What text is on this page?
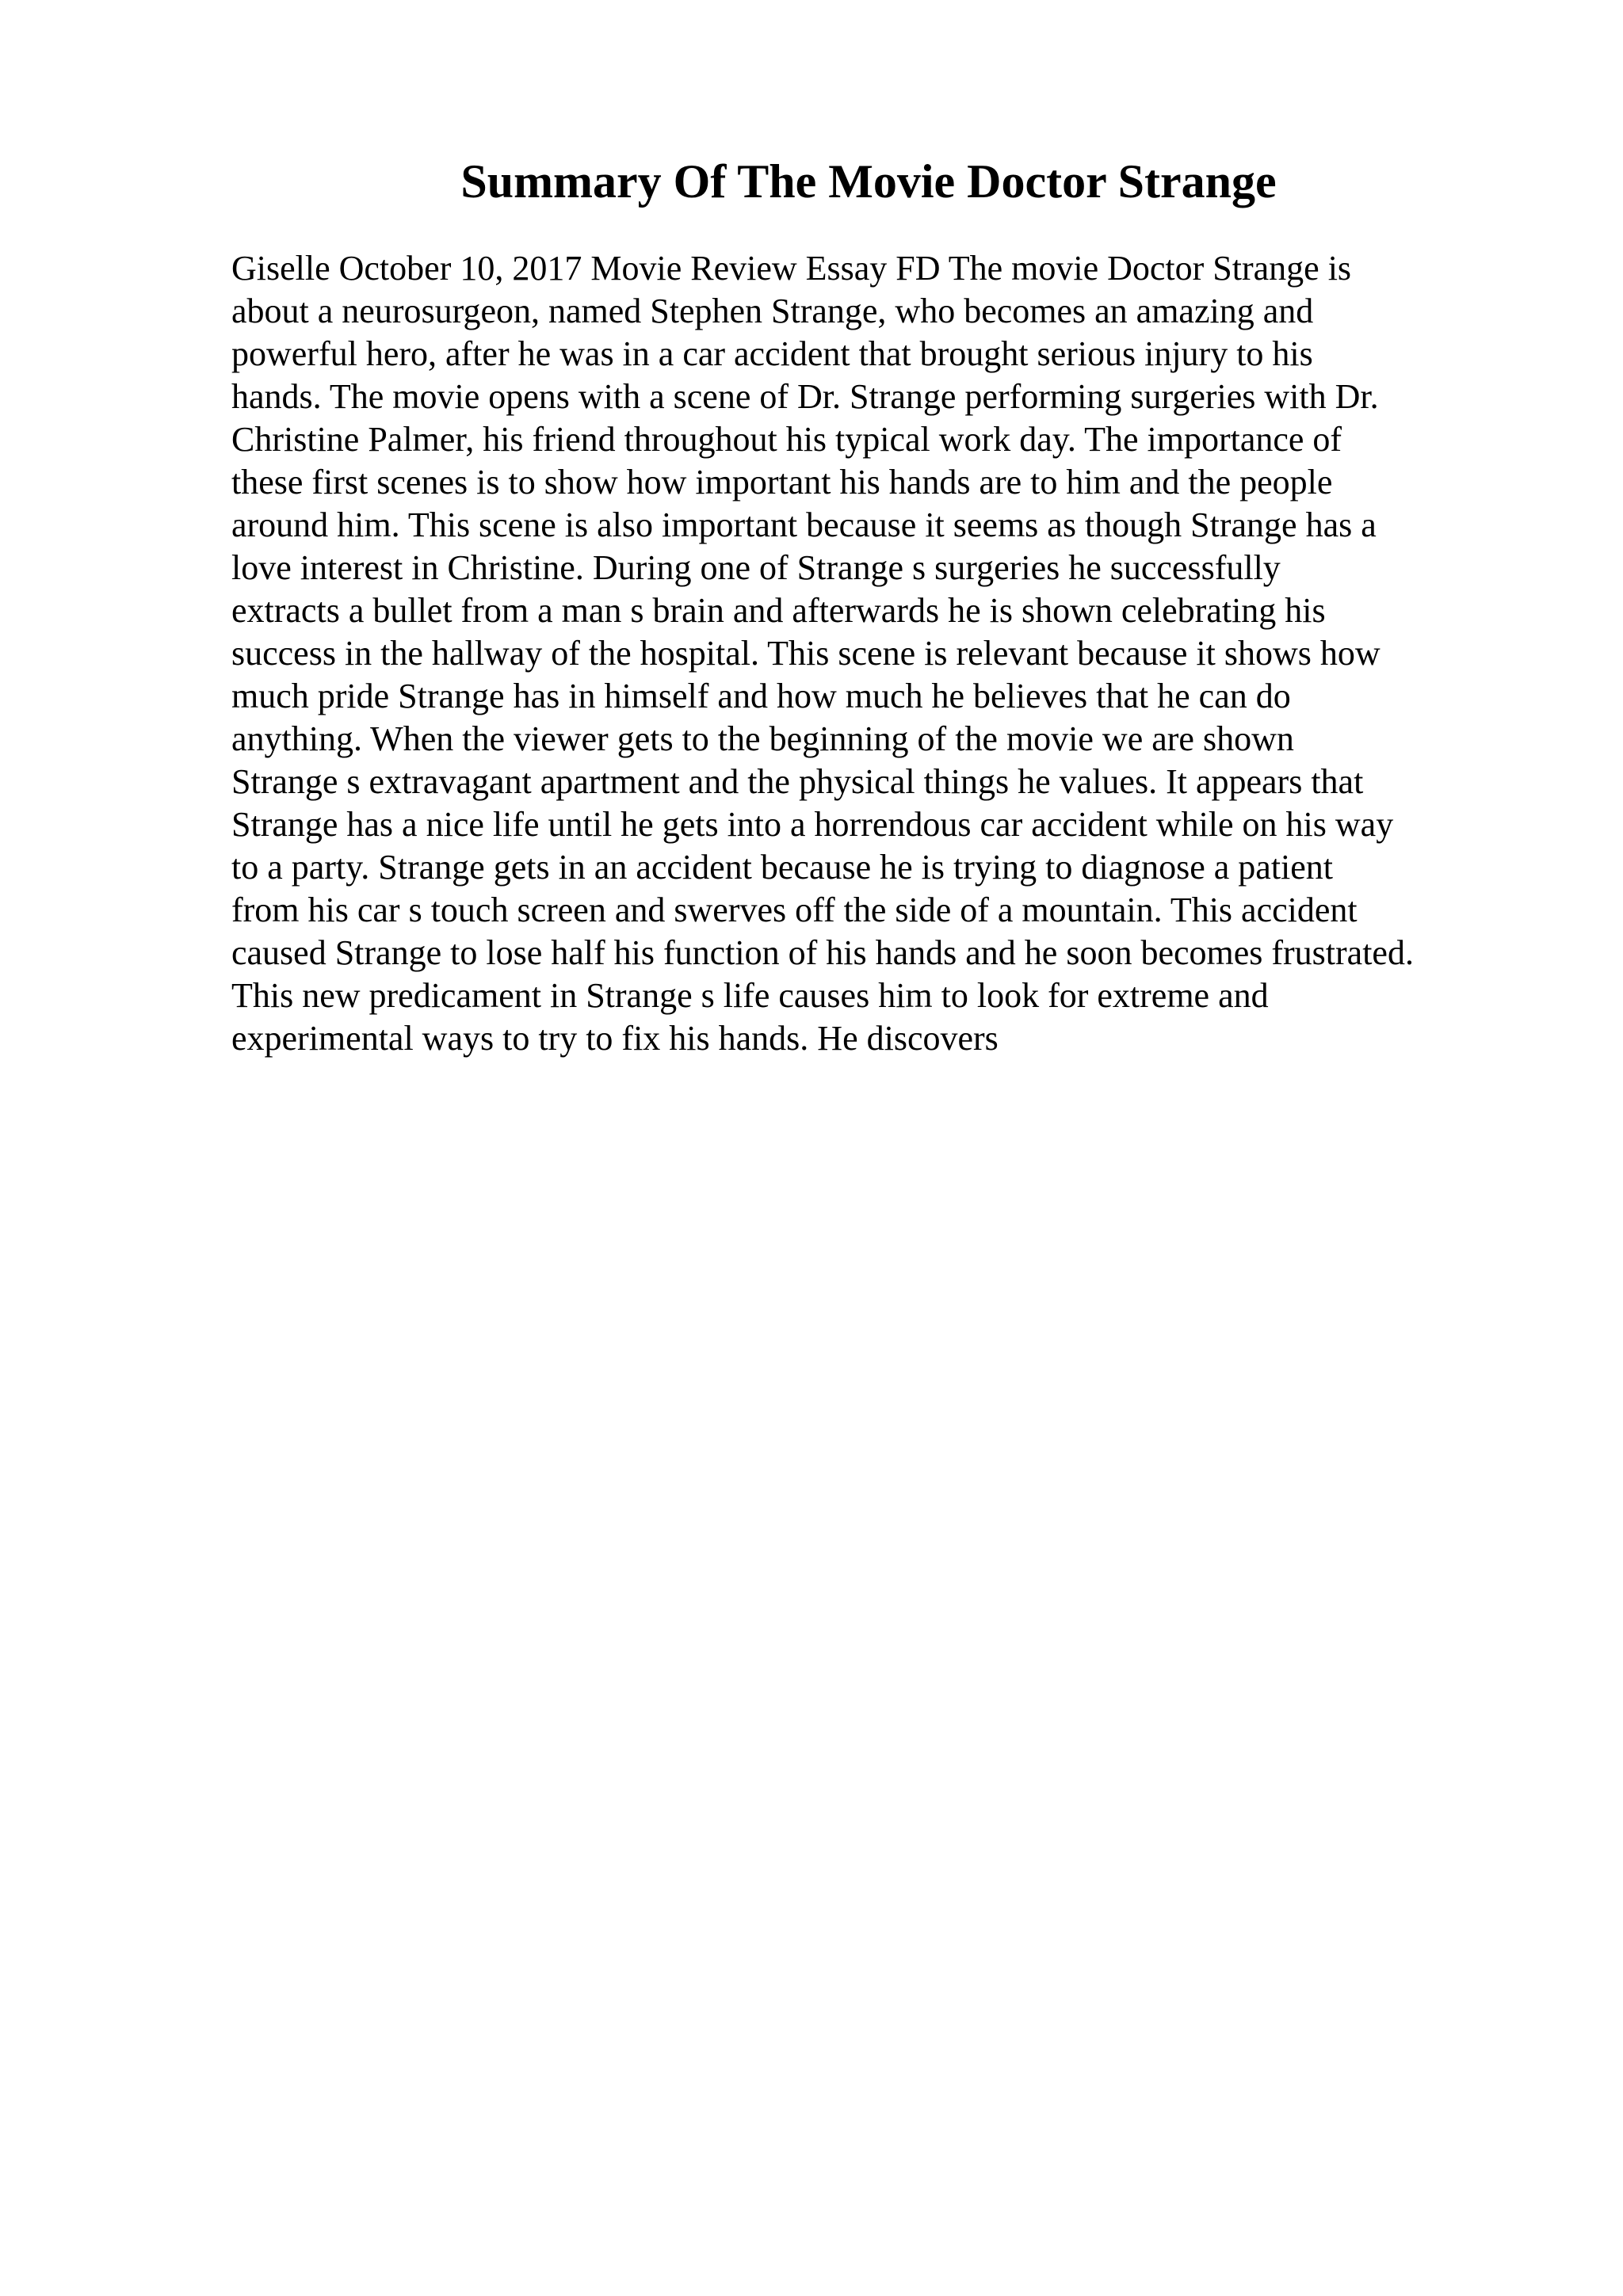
Summary Of The Movie Doctor Strange
Giselle October 10, 2017 Movie Review Essay FD The movie Doctor Strange is
about a neurosurgeon, named Stephen Strange, who becomes an amazing and
powerful hero, after he was in a car accident that brought serious injury to his
hands. The movie opens with a scene of Dr. Strange performing surgeries with Dr.
Christine Palmer, his friend throughout his typical work day. The importance of
these first scenes is to show how important his hands are to him and the people
around him. This scene is also important because it seems as though Strange has a
love interest in Christine. During one of Strange s surgeries he successfully
extracts a bullet from a man s brain and afterwards he is shown celebrating his
success in the hallway of the hospital. This scene is relevant because it shows how
much pride Strange has in himself and how much he believes that he can do
anything. When the viewer gets to the beginning of the movie we are shown
Strange s extravagant apartment and the physical things he values. It appears that
Strange has a nice life until he gets into a horrendous car accident while on his way
to a party. Strange gets in an accident because he is trying to diagnose a patient
from his car s touch screen and swerves off the side of a mountain. This accident
caused Strange to lose half his function of his hands and he soon becomes frustrated.
This new predicament in Strange s life causes him to look for extreme and
experimental ways to try to fix his hands. He discovers
